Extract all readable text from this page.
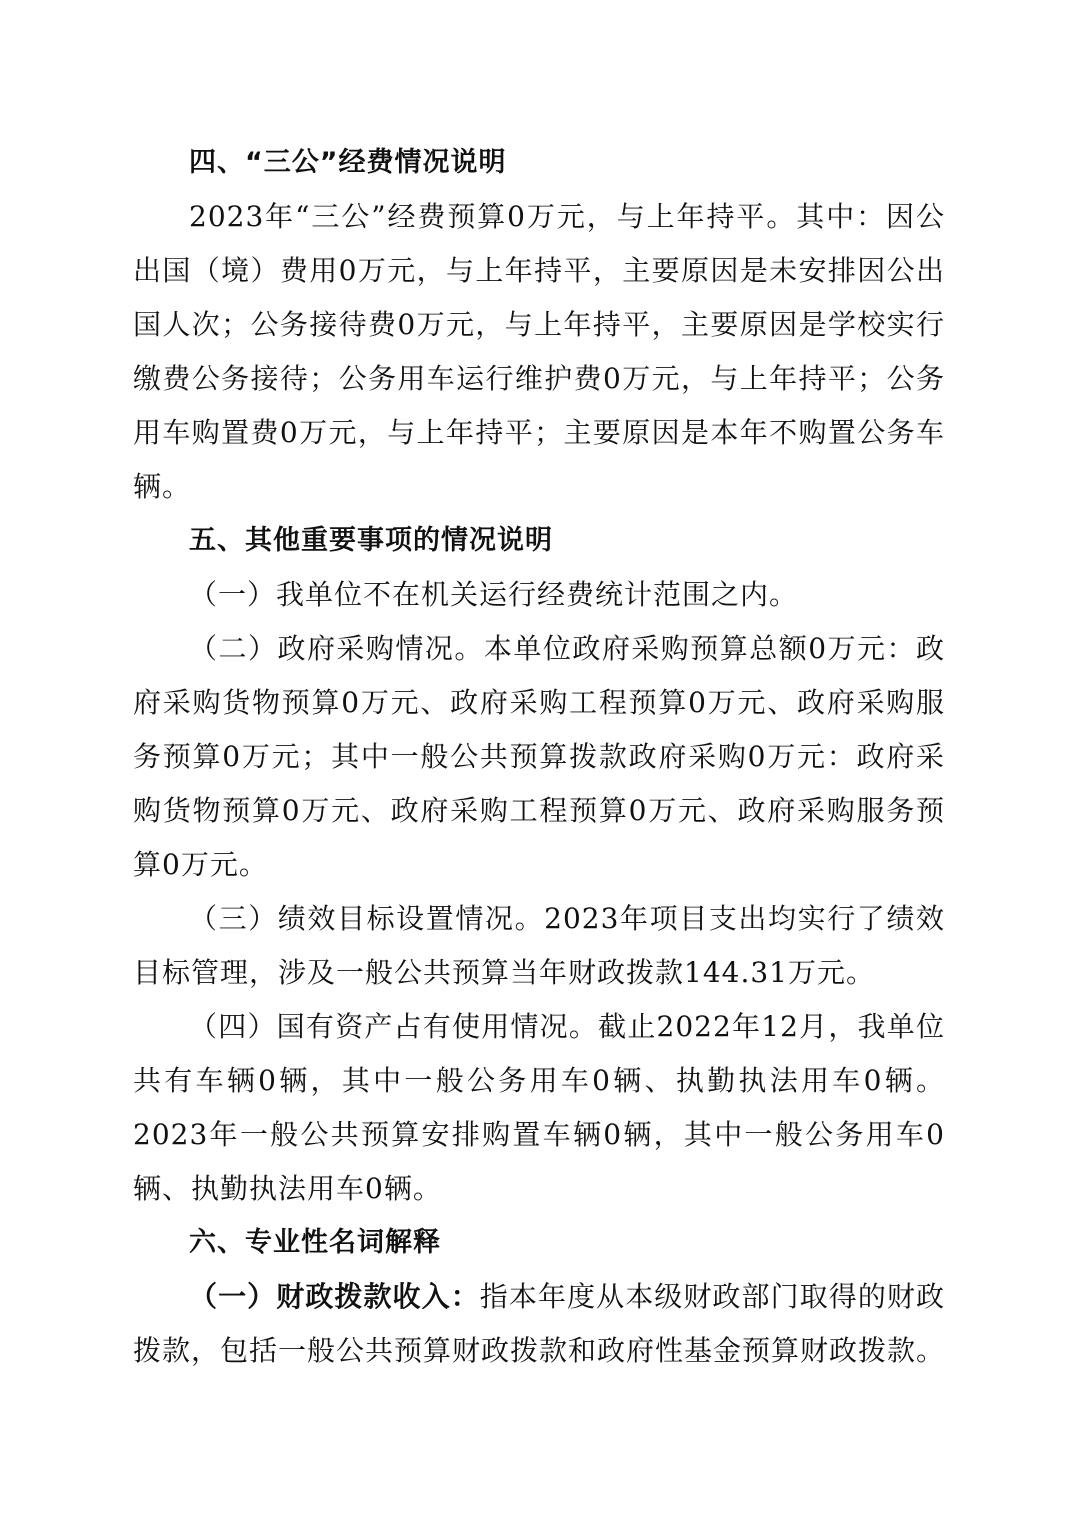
四、“三公”经费情况说明

2023年“三公”经费预算0万元，与上年持平。其中：因公出国（境）费用0万元，与上年持平，主要原因是未安排因公出国人次；公务接待费0万元，与上年持平，主要原因是学校实行缴费公务接待；公务用车运行维护费0万元，与上年持平；公务用车购置费0万元，与上年持平；主要原因是本年不购置公务车辆。

五、其他重要事项的情况说明

（一）我单位不在机关运行经费统计范围之内。

（二）政府采购情况。本单位政府采购预算总额0万元：政府采购货物预算0万元、政府采购工程预算0万元、政府采购服务预算0万元；其中一般公共预算拨款政府采购0万元：政府采购货物预算0万元、政府采购工程预算0万元、政府采购服务预算0万元。

（三）绩效目标设置情况。2023年项目支出均实行了绩效目标管理，涉及一般公共预算当年财政拨款144.31万元。

（四）国有资产占有使用情况。截止2022年12月，我单位共有车辆0辆，其中一般公务用车0辆、执勤执法用车0辆。2023年一般公共预算安排购置车辆0辆，其中一般公务用车0辆、执勤执法用车0辆。

六、专业性名词解释

（一）财政拨款收入：指本年度从本级财政部门取得的财政拨款，包括一般公共预算财政拨款和政府性基金预算财政拨款。
